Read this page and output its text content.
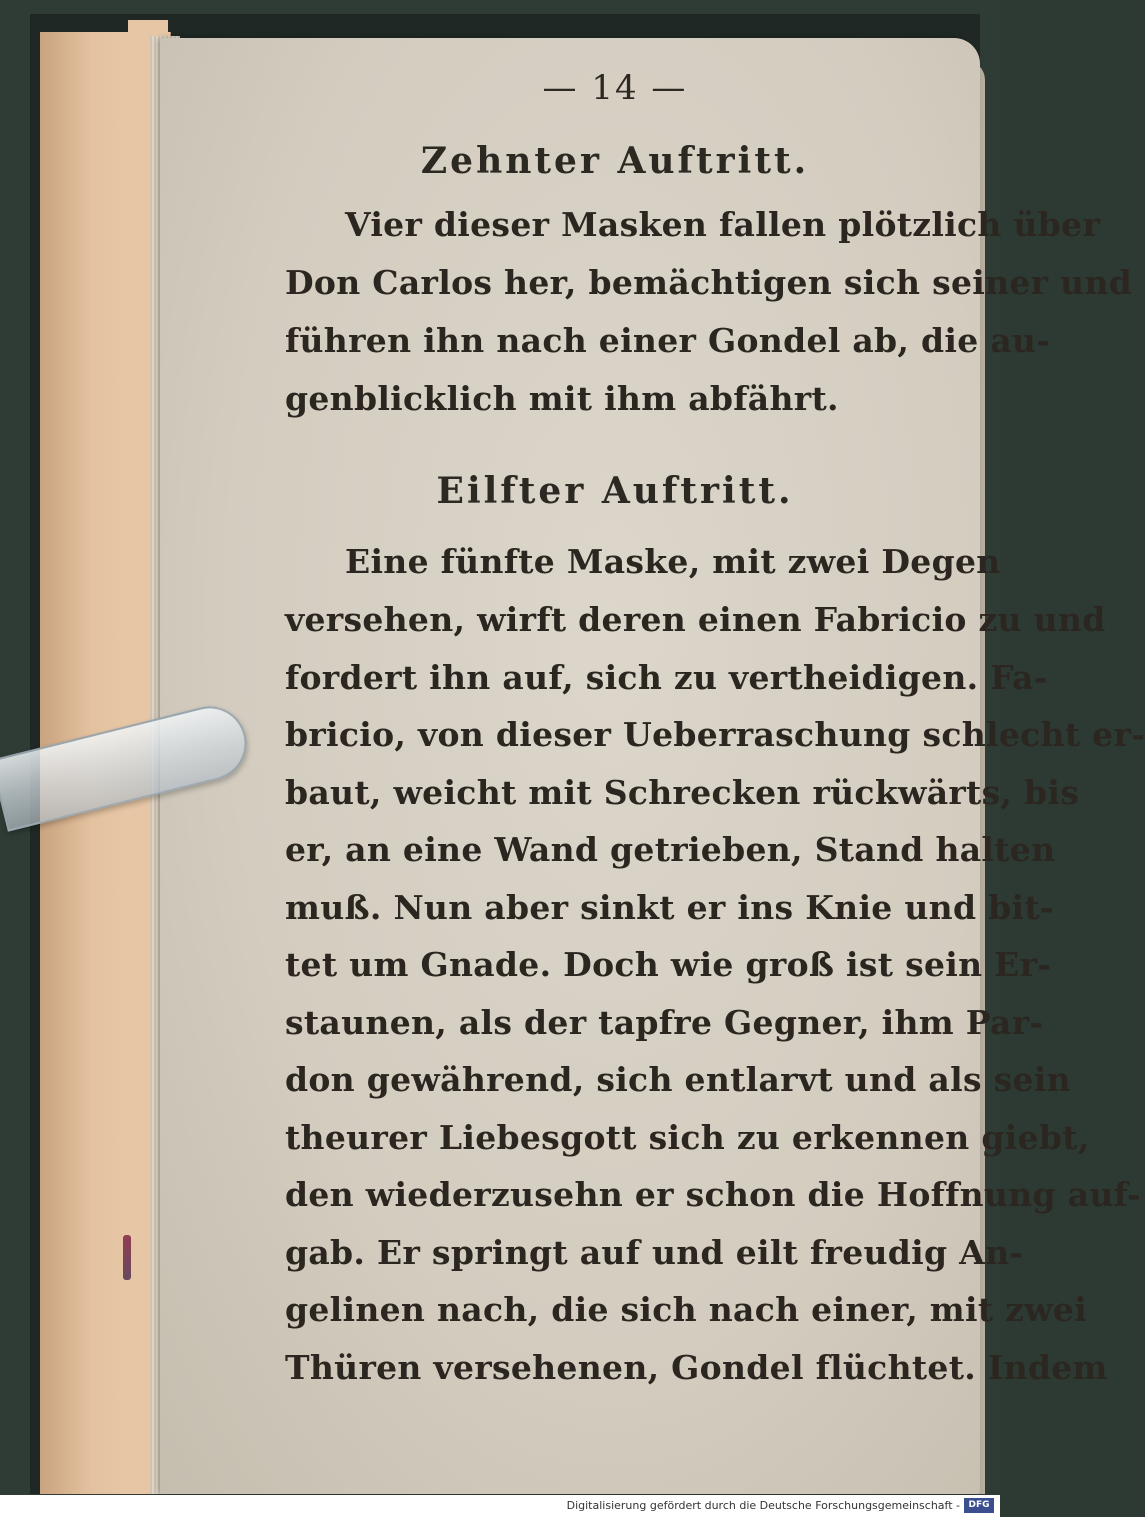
— 14 —
Zehnter Auftritt.
Vier dieser Masken fallen plötzlich über
Don Carlos her, bemächtigen sich seiner und
führen ihn nach einer Gondel ab, die au-
genblicklich mit ihm abfährt.
Eilfter Auftritt.
Eine fünfte Maske, mit zwei Degen
versehen, wirft deren einen Fabricio zu und
fordert ihn auf, sich zu vertheidigen. Fa-
bricio, von dieser Ueberraschung schlecht er-
baut, weicht mit Schrecken rückwärts, bis
er, an eine Wand getrieben, Stand halten
muß. Nun aber sinkt er ins Knie und bit-
tet um Gnade. Doch wie groß ist sein Er-
staunen, als der tapfre Gegner, ihm Par-
don gewährend, sich entlarvt und als sein
theurer Liebesgott sich zu erkennen giebt,
den wiederzusehn er schon die Hoffnung auf-
gab. Er springt auf und eilt freudig An-
gelinen nach, die sich nach einer, mit zwei
Thüren versehenen, Gondel flüchtet. Indem
Digitalisierung gefördert durch die Deutsche Forschungsgemeinschaft - DFG
